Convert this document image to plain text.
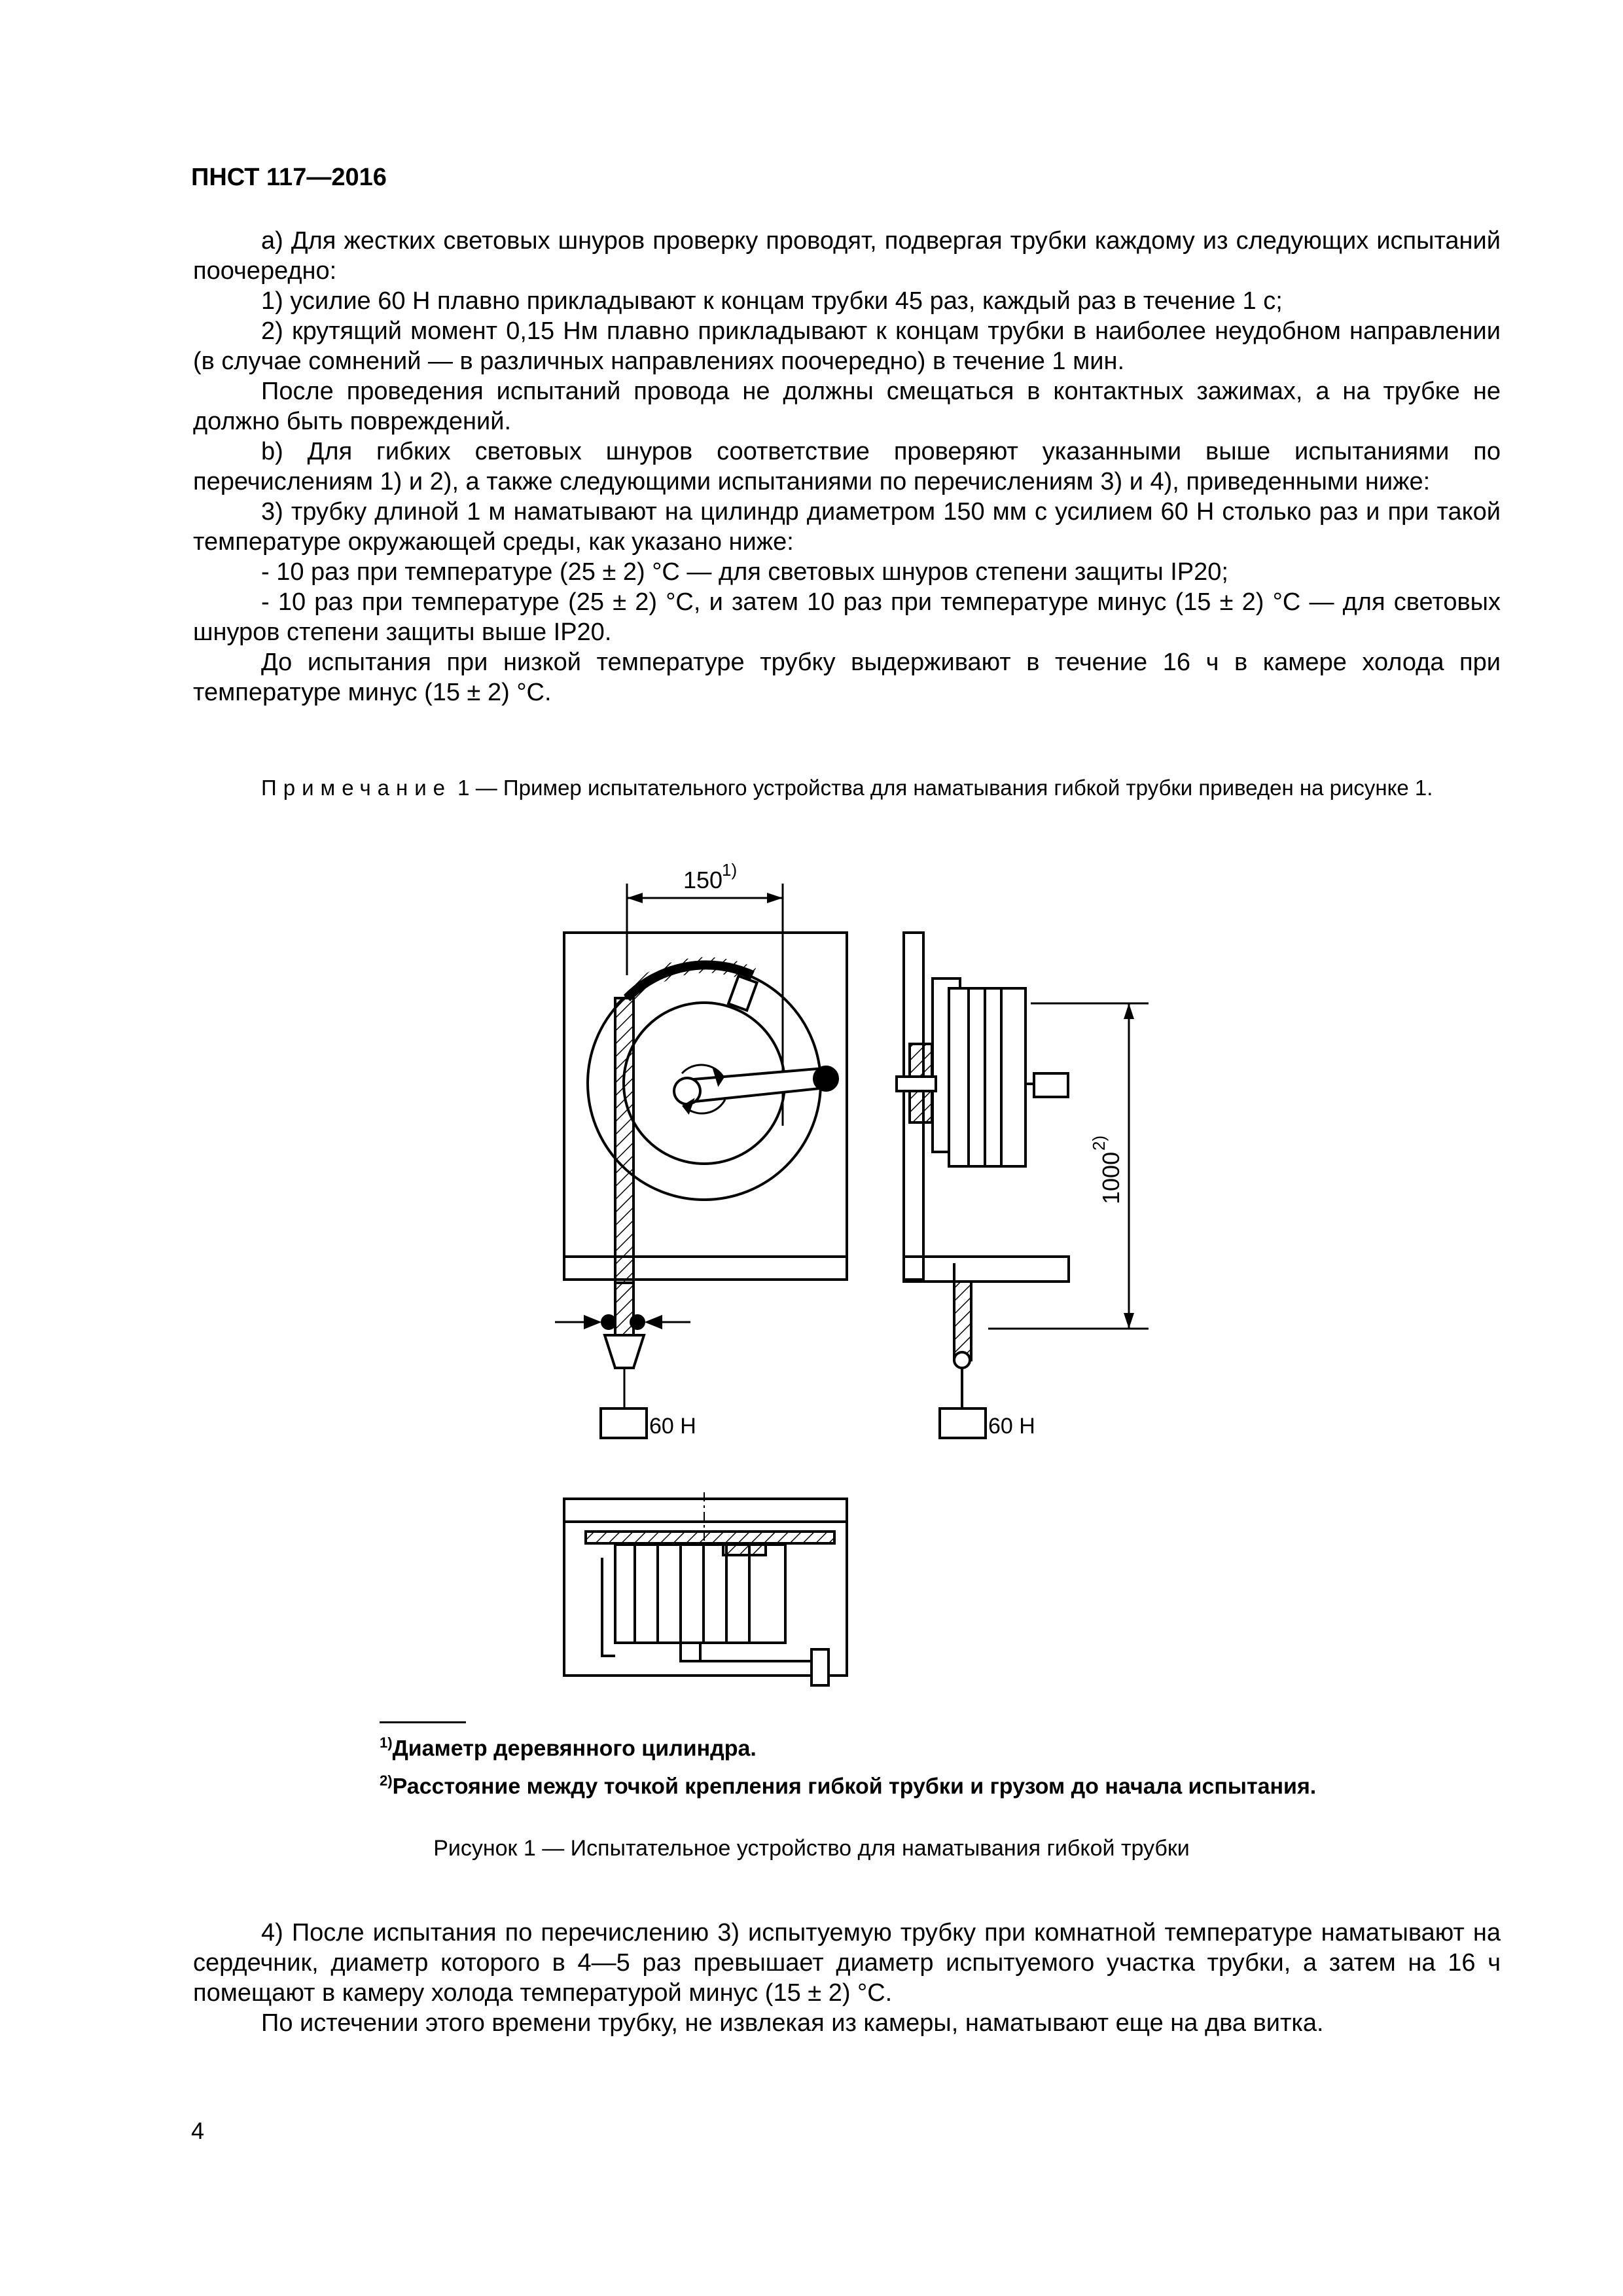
ПНСТ 117—2016

а) Для жестких световых шнуров проверку проводят, подвергая трубки каждому из следующих испытаний поочередно:

1) усилие 60 Н плавно прикладывают к концам трубки 45 раз, каждый раз в течение 1 с;

2) крутящий момент 0,15 Нм плавно прикладывают к концам трубки в наиболее неудобном направлении (в случае сомнений — в различных направлениях поочередно) в течение 1 мин.

После проведения испытаний провода не должны смещаться в контактных зажимах, а на трубке не должно быть повреждений.

b) Для гибких световых шнуров соответствие проверяют указанными выше испытаниями по перечислениям 1) и 2), а также следующими испытаниями по перечислениям 3) и 4), приведенными ниже:

3) трубку длиной 1 м наматывают на цилиндр диаметром 150 мм с усилием 60 Н столько раз и при такой температуре окружающей среды, как указано ниже:

- 10 раз при температуре (25 ± 2) °C — для световых шнуров степени защиты IP20;

- 10 раз при температуре (25 ± 2) °C, и затем 10 раз при температуре минус (15 ± 2) °C — для световых шнуров степени защиты выше IP20.

До испытания при низкой температуре трубку выдерживают в течение 16 ч в камере холода при температуре минус (15 ± 2) °C.

Примечание 1 — Пример испытательного устройства для наматывания гибкой трубки приведен на рисунке 1.

150
1)
60 Н	60 Н
1000
2)
$^{1)}$Диаметр деревянного цилиндра.
$^{2)}$Расстояние между точкой крепления гибкой трубки и грузом до начала испытания.
Рисунок 1 — Испытательное устройство для наматывания гибкой трубки

4) После испытания по перечислению 3) испытуемую трубку при комнатной температуре наматывают на сердечник, диаметр которого в 4—5 раз превышает диаметр испытуемого участка трубки, а затем на 16 ч помещают в камеру холода температурой минус (15 ± 2) °C.

По истечении этого времени трубку, не извлекая из камеры, наматывают еще на два витка.

4
